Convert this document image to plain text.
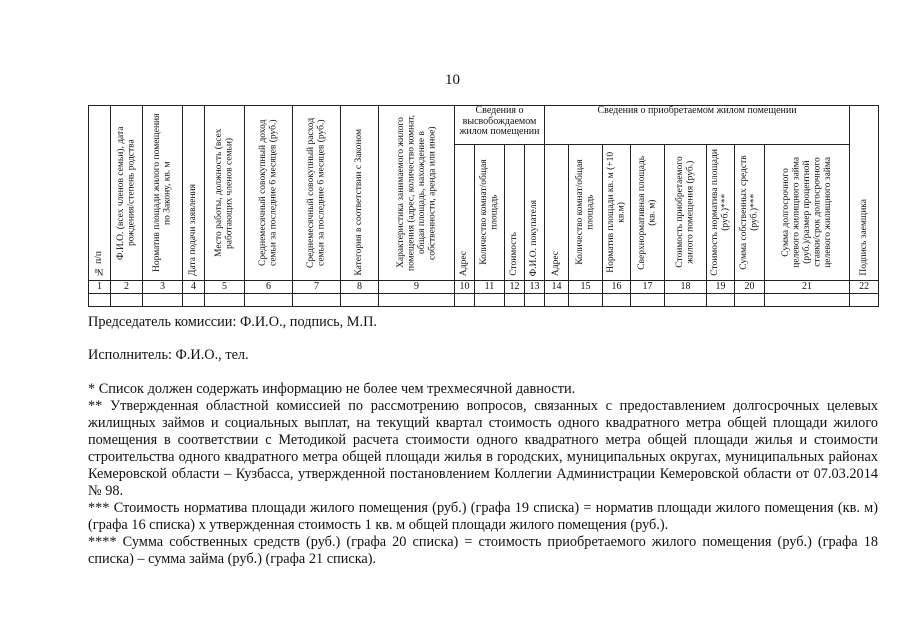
10
№ п/п	Ф.И.О. (всех членов семьи), дата рождения/степень родства	Норматив площади жилого помещения по Закону, кв. м	Дата подачи заявления	Место работы, должность (всех работающих членов семьи)	Среднемесячный совокупный доход семьи за последние 6 месяцев (руб.)	Среднемесячный совокупный расход семьи за последние 6 месяцев (руб.)	Категория в соответствии с Законом	Характеристика занимаемого жилого помещения (адрес, количество комнат, общая площадь, нахождение в собственности, аренда или иное)	Сведения о высвобождаемом жилом помещении				Сведения о приобретаемом жилом помещении								Подпись заемщика

									Адрес	Количество комнат/общая площадь	Стоимость	Ф.И.О. покупателя	Адрес	Количество комнат/общая площадь	Норматив площади кв. м (+10 кв.м)	Сверхнормативная площадь (кв. м)	Стоимость приобретаемого жилого помещения (руб.)	Стоимость норматива площади (руб.)***	Сумма собственных средств (руб.)***	Сумма долгосрочного целевого жилищного займа (руб.)/размер процентной ставки/срок долгосрочного целевого жилищного займа	

1	2	3	4	5	6	7	8	9	10	11	12	13	14	15	16	17	18	19	20	21	22

Председатель комиссии: Ф.И.О., подпись, М.П.
Исполнитель: Ф.И.О., тел.

* Список должен содержать информацию не более чем трехмесячной давности.

** Утвержденная областной комиссией по рассмотрению вопросов, связанных с предоставлением долгосрочных целевых жилищных займов и социальных выплат, на текущий квартал стоимость одного квадратного метра общей площади жилого помещения в соответствии с Методикой расчета стоимости одного квадратного метра общей площади жилья и стоимости строительства одного квадратного метра общей площади жилья в городских, муниципальных округах, муниципальных районах Кемеровской области – Кузбасса, утвержденной постановлением Коллегии Администрации Кемеровской области от 07.03.2014 № 98.

*** Стоимость норматива площади жилого помещения (руб.) (графа 19 списка) = норматив площади жилого помещения (кв. м) (графа 16 списка) х утвержденная стоимость 1 кв. м общей площади жилого помещения (руб.).

**** Сумма собственных средств (руб.) (графа 20 списка) = стоимость приобретаемого жилого помещения (руб.) (графа 18 списка) – сумма займа (руб.) (графа 21 списка).
